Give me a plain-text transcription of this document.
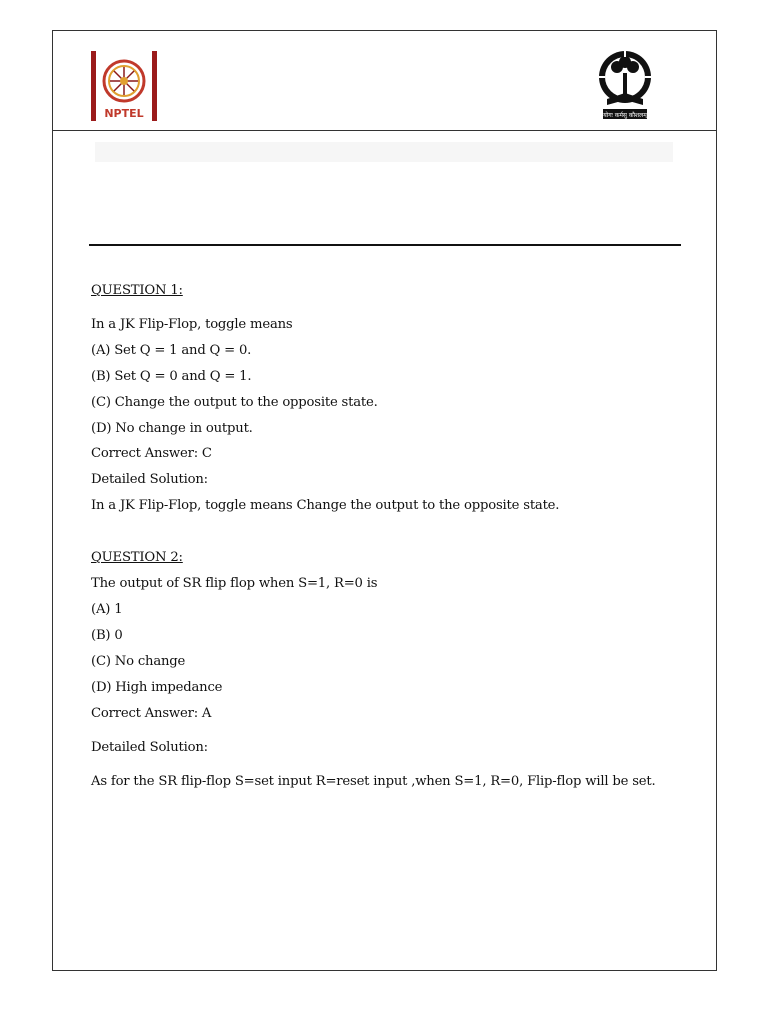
NPTEL	योगः कर्मसु कौशलम्
QUESTION 1:
In a JK Flip-Flop, toggle means
(A) Set Q = 1 and Q = 0.
(B) Set Q = 0 and Q = 1.
(C) Change the output to the opposite state.
(D) No change in output.
Correct Answer: C
Detailed Solution:
In a JK Flip-Flop, toggle means Change the output to the opposite state.
QUESTION 2:
The output of SR flip flop when S=1, R=0 is
(A) 1
(B) 0
(C) No change
(D) High impedance
Correct Answer: A
Detailed Solution:
As for the SR flip-flop S=set input R=reset input ,when S=1, R=0, Flip-flop will be set.
